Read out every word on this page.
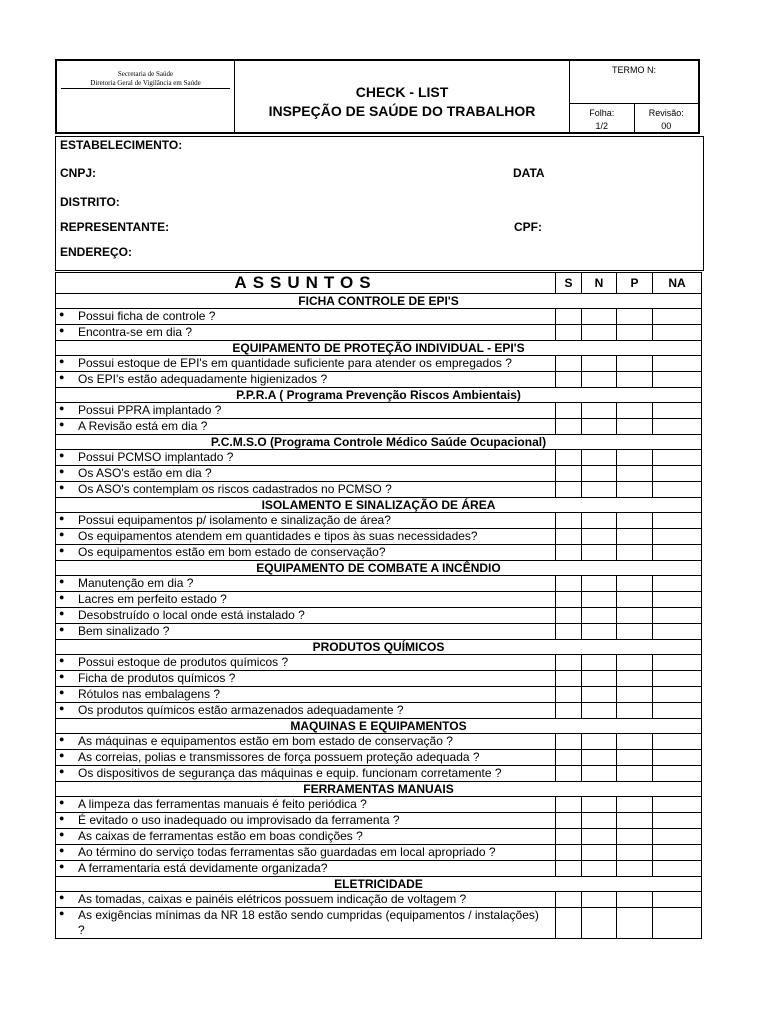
Secretaria de Saúde
Diretoria Geral de Vigilância em Saúde
CHECK - LIST
INSPEÇÃO DE SAÚDE DO TRABALHOR
TERMO N:
Folha:
1/2
Revisão:
00
ESTABELECIMENTO:
CNPJ:	DATA
DISTRITO:
REPRESENTANTE:	CPF:
ENDEREÇO:
ASSUNTOS	S	N	P	NA
FICHA CONTROLE DE EPI'S				
● Possui ficha de controle ?				
● Encontra-se em dia ?				
EQUIPAMENTO DE PROTEÇÃO INDIVIDUAL - EPI'S				
● Possui estoque de EPI's em quantidade suficiente para atender os empregados ?				
● Os EPI's estão adequadamente higienizados ?				
P.P.R.A ( Programa Prevenção Riscos Ambientais)				
● Possui PPRA implantado ?				
● A Revisão está em dia ?				
P.C.M.S.O (Programa Controle Médico Saúde Ocupacional)				
● Possui PCMSO implantado ?				
● Os ASO's estão em dia ?				
● Os ASO's contemplam os riscos cadastrados no PCMSO ?				
ISOLAMENTO E SINALIZAÇÃO DE ÁREA				
● Possui equipamentos p/ isolamento e sinalização de área?				
● Os equipamentos atendem em quantidades e tipos às suas necessidades?				
● Os equipamentos estão em bom estado de conservação?				
EQUIPAMENTO DE COMBATE A INCÊNDIO				
● Manutenção em dia ?				
● Lacres em perfeito estado ?				
● Desobstruído o local onde está instalado ?				
● Bem sinalizado ?				
PRODUTOS QUÍMICOS				
● Possui estoque de produtos químicos ?				
● Ficha de produtos químicos ?				
● Rótulos nas embalagens ?				
● Os produtos químicos estão armazenados adequadamente ?				
MAQUINAS E EQUIPAMENTOS				
● As máquinas e equipamentos estão em bom estado de conservação ?				
● As correias, polias e transmissores de força possuem proteção adequada ?				
● Os dispositivos de segurança das máquinas e equip. funcionam corretamente ?				
FERRAMENTAS MANUAIS				
● A limpeza das ferramentas manuais é feito periódica ?				
● É evitado o uso inadequado ou improvisado da ferramenta ?				
● As caixas de ferramentas estão em boas condições ?				
● Ao término do serviço todas ferramentas são guardadas em local apropriado ?				
● A ferramentaria está devidamente organizada?				
ELETRICIDADE				
● As tomadas, caixas e painéis elétricos possuem indicação de voltagem ?				
● As exigências mínimas da NR 18 estão sendo cumpridas (equipamentos / instalações) ?				
